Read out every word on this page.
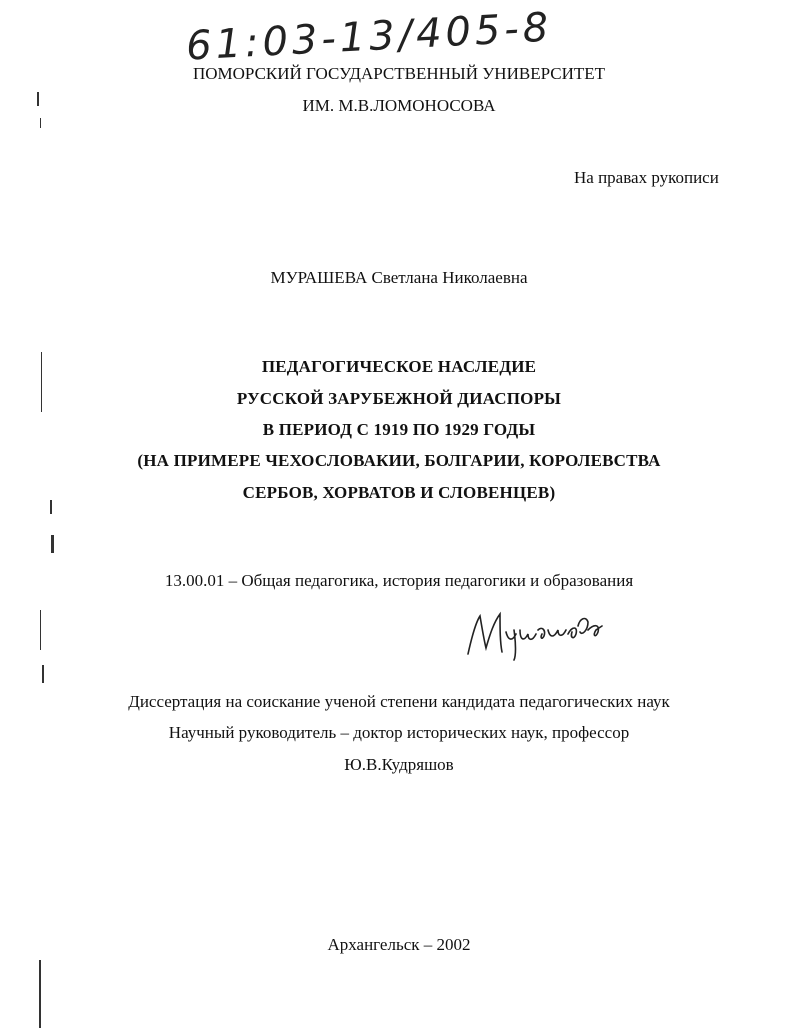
61:03-13/405-8
ПОМОРСКИЙ ГОСУДАРСТВЕННЫЙ УНИВЕРСИТЕТ
ИМ. М.В.ЛОМОНОСОВА
На правах рукописи
МУРАШЕВА Светлана Николаевна
ПЕДАГОГИЧЕСКОЕ НАСЛЕДИЕ
РУССКОЙ ЗАРУБЕЖНОЙ ДИАСПОРЫ
В ПЕРИОД С 1919 ПО 1929 ГОДЫ
(НА ПРИМЕРЕ ЧЕХОСЛОВАКИИ, БОЛГАРИИ, КОРОЛЕВСТВА
СЕРБОВ, ХОРВАТОВ И СЛОВЕНЦЕВ)
13.00.01 – Общая педагогика, история педагогики и образования
Диссертация на соискание ученой степени кандидата педагогических наук
Научный руководитель – доктор исторических наук, профессор
Ю.В.Кудряшов
Архангельск – 2002
